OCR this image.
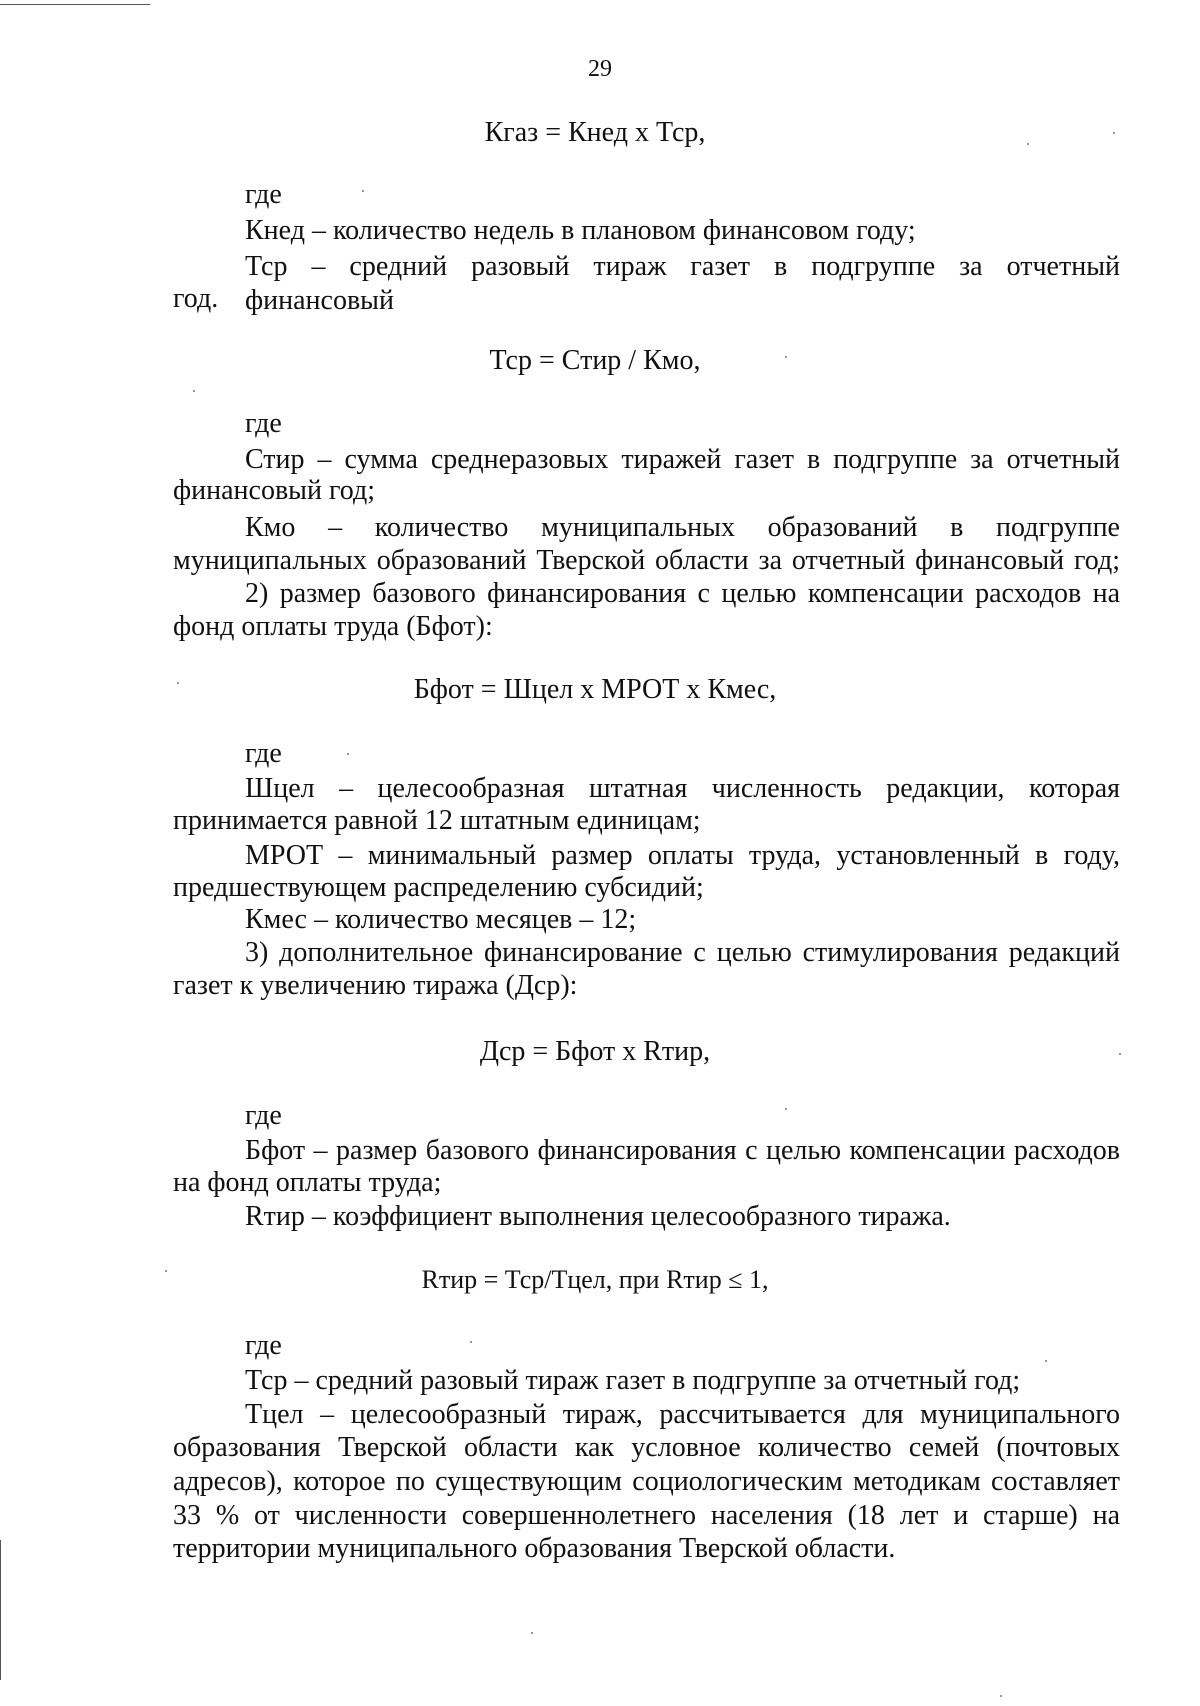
29
Кгаз = Кнед х Тср,
где
Кнед – количество недель в плановом финансовом году;
Тср – средний разовый тираж газет в подгруппе за отчетный финансовый
год.
Тср = Стир / Кмо,
где
Стир – сумма среднеразовых тиражей газет в подгруппе за отчетный
финансовый год;
Кмо – количество муниципальных образований в подгруппе
муниципальных образований Тверской области за отчетный финансовый год;
2) размер базового финансирования с целью компенсации расходов на
фонд оплаты труда (Бфот):
Бфот = Шцел х МРОТ х Кмес,
где
Шцел – целесообразная штатная численность редакции, которая
принимается равной 12 штатным единицам;
МРОТ – минимальный размер оплаты труда, установленный в году,
предшествующем распределению субсидий;
Кмес – количество месяцев – 12;
3) дополнительное финансирование с целью стимулирования редакций
газет к увеличению тиража (Дср):
Дср = Бфот х Rтир,
где
Бфот – размер базового финансирования с целью компенсации расходов
на фонд оплаты труда;
Rтир – коэффициент выполнения целесообразного тиража.
Rтир = Тср/Тцел, при Rтир ≤ 1,
где
Тср – средний разовый тираж газет в подгруппе за отчетный год;
Тцел – целесообразный тираж, рассчитывается для муниципального
образования Тверской области как условное количество семей (почтовых
адресов), которое по существующим социологическим методикам составляет
33 % от численности совершеннолетнего населения (18 лет и старше) на
территории муниципального образования Тверской области.
